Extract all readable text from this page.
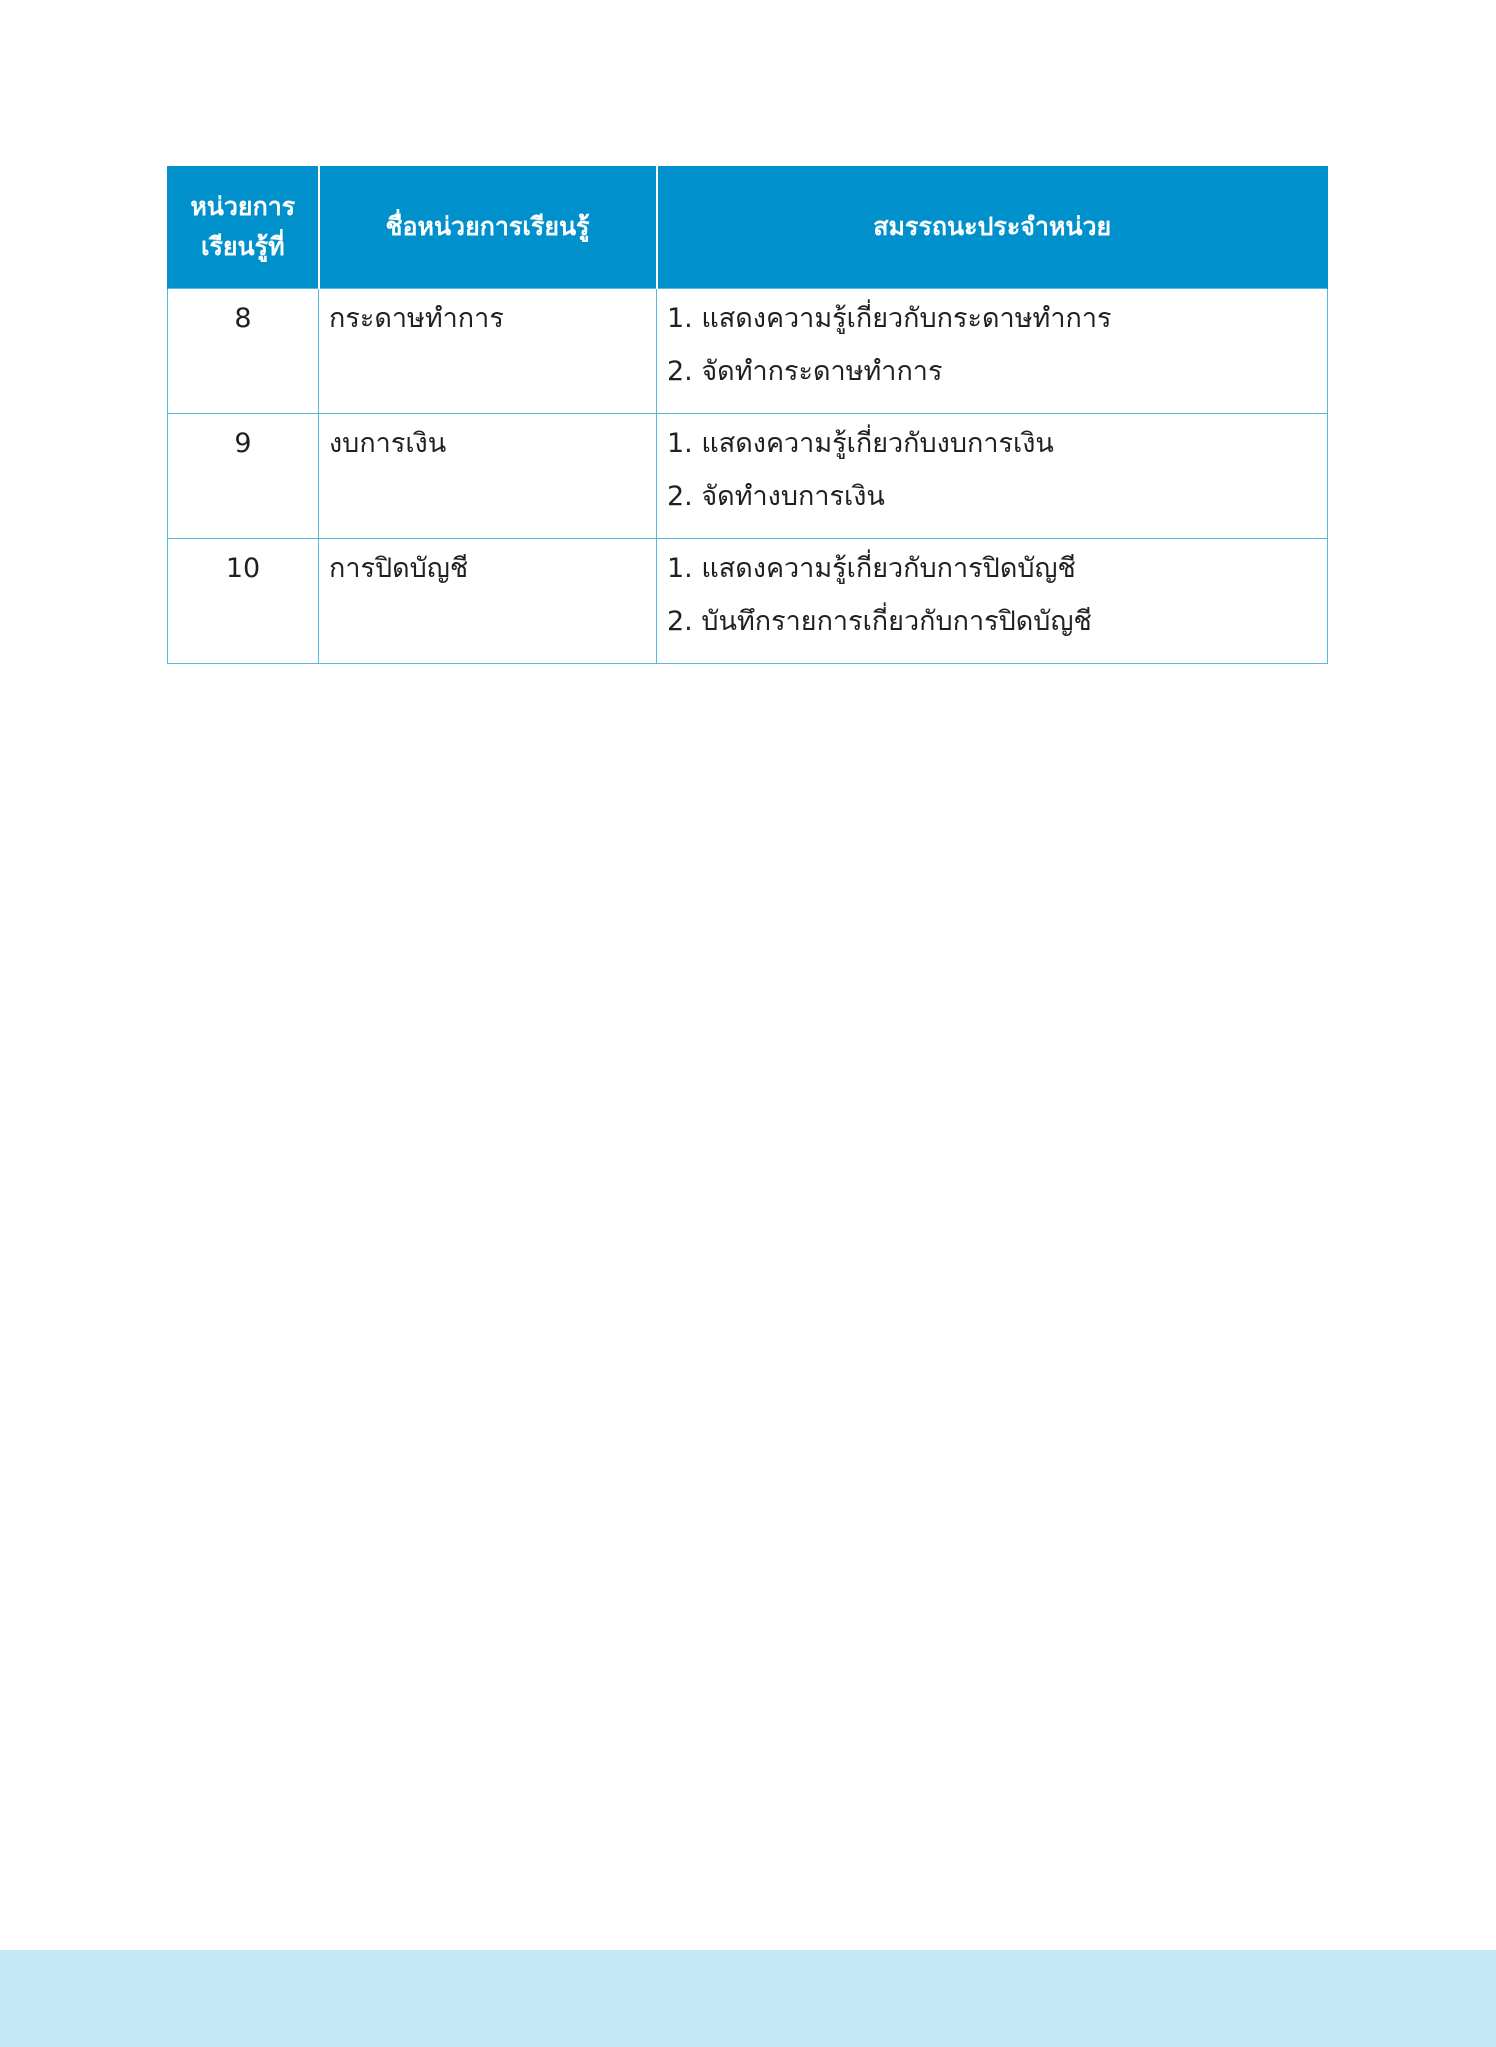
หน่วยการ
เรียนรู้ที่	ชื่อหน่วยการเรียนรู้	สมรรถนะประจำหน่วย
8	กระดาษทำการ	1. แสดงความรู้เกี่ยวกับกระดาษทำการ
2. จัดทำกระดาษทำการ

9	งบการเงิน	1. แสดงความรู้เกี่ยวกับงบการเงิน
2. จัดทำงบการเงิน

10	การปิดบัญชี	1. แสดงความรู้เกี่ยวกับการปิดบัญชี
2. บันทึกรายการเกี่ยวกับการปิดบัญชี
